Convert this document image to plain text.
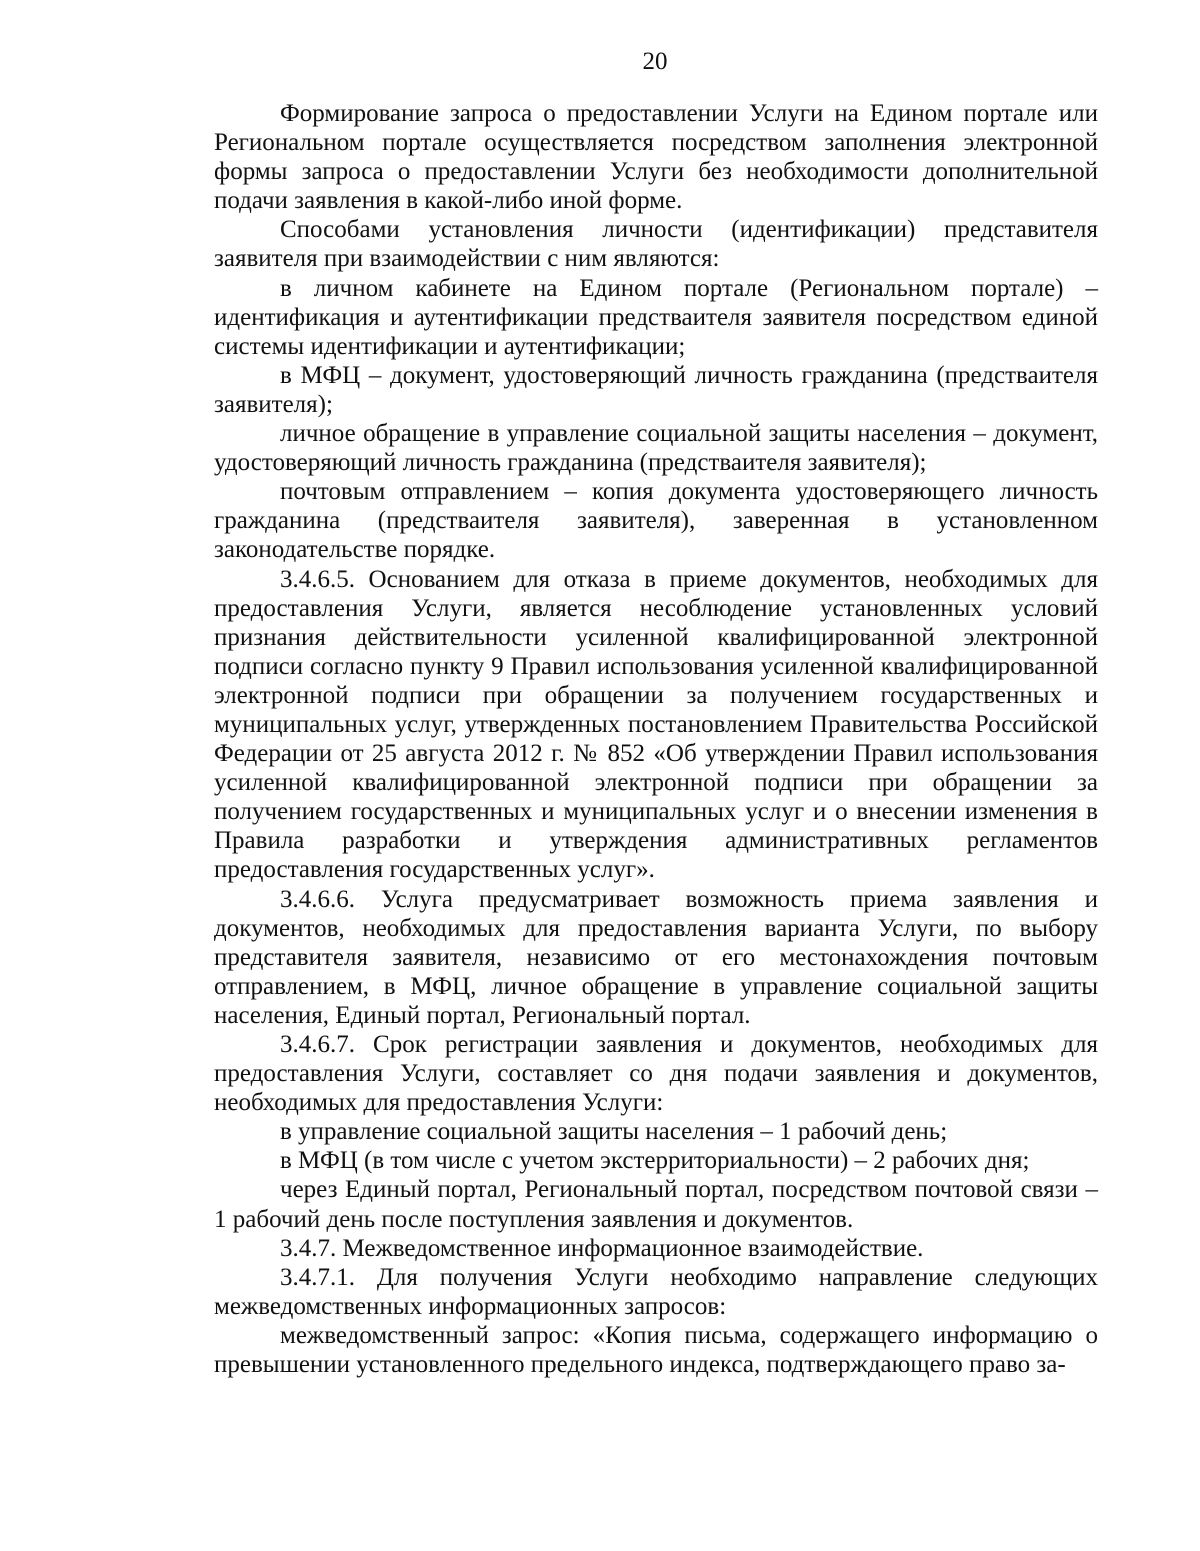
20

Формирование запроса о предоставлении Услуги на Едином портале или Региональном портале осуществляется посредством заполнения электронной формы запроса о предоставлении Услуги без необходимости дополнительной подачи заявления в какой-либо иной форме.

Способами установления личности (идентификации) представителя заявителя при взаимодействии с ним являются:

в личном кабинете на Едином портале (Региональном портале) – идентификация и аутентификации предстваителя заявителя посредством единой системы идентификации и аутентификации;

в МФЦ – документ, удостоверяющий личность гражданина (предстваителя заявителя);

личное обращение в управление социальной защиты населения – документ, удостоверяющий личность гражданина (предстваителя заявителя);

почтовым отправлением – копия документа удостоверяющего личность гражданина (предстваителя заявителя), заверенная в установленном законодательстве порядке.

3.4.6.5. Основанием для отказа в приеме документов, необходимых для предоставления Услуги, является несоблюдение установленных условий признания действительности усиленной квалифицированной электронной подписи согласно пункту 9 Правил использования усиленной квалифицированной электронной подписи при обращении за получением государственных и муниципальных услуг, утвержденных постановлением Правительства Российской Федерации от 25 августа 2012 г. № 852 «Об утверждении Правил использования усиленной квалифицированной электронной подписи при обращении за получением государственных и муниципальных услуг и о внесении изменения в Правила разработки и утверждения административных регламентов предоставления государственных услуг».

3.4.6.6. Услуга предусматривает возможность приема заявления и документов, необходимых для предоставления варианта Услуги, по выбору представителя заявителя, независимо от его местонахождения почтовым отправлением, в МФЦ, личное обращение в управление социальной защиты населения, Единый портал, Региональный портал.

3.4.6.7. Срок регистрации заявления и документов, необходимых для предоставления Услуги, составляет со дня подачи заявления и документов, необходимых для предоставления Услуги:

в управление социальной защиты населения – 1 рабочий день;

в МФЦ (в том числе с учетом экстерриториальности) – 2 рабочих дня;

через Единый портал, Региональный портал, посредством почтовой связи – 1 рабочий день после поступления заявления и документов.

3.4.7. Межведомственное информационное взаимодействие.

3.4.7.1. Для получения Услуги необходимо направление следующих межведомственных информационных запросов:

межведомственный запрос: «Копия письма, содержащего информацию о превышении установленного предельного индекса, подтверждающего право за-
